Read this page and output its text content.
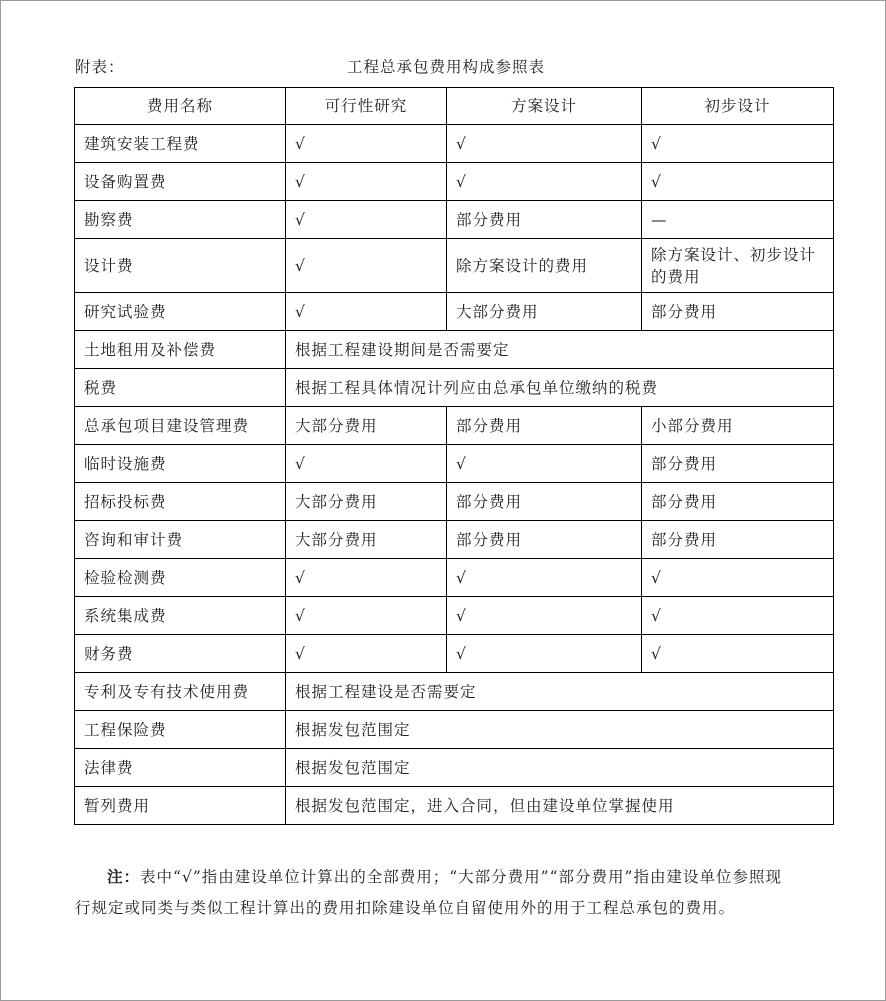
附表：	工程总承包费用构成参照表
费用名称	可行性研究	方案设计	初步设计
建筑安装工程费	√	√	√
设备购置费	√	√	√
勘察费	√	部分费用	—
设计费	√	除方案设计的费用	除方案设计、初步设计的费用
研究试验费	√	大部分费用	部分费用
土地租用及补偿费	根据工程建设期间是否需要定		
税费	根据工程具体情况计列应由总承包单位缴纳的税费		
总承包项目建设管理费	大部分费用	部分费用	小部分费用
临时设施费	√	√	部分费用
招标投标费	大部分费用	部分费用	部分费用
咨询和审计费	大部分费用	部分费用	部分费用
检验检测费	√	√	√
系统集成费	√	√	√
财务费	√	√	√
专利及专有技术使用费	根据工程建设是否需要定		
工程保险费	根据发包范围定		
法律费	根据发包范围定		
暂列费用	根据发包范围定，进入合同，但由建设单位掌握使用		
注：表中“√”指由建设单位计算出的全部费用；“大部分费用”“部分费用”指由建设单位参照现行规定或同类与类似工程计算出的费用扣除建设单位自留使用外的用于工程总承包的费用。
